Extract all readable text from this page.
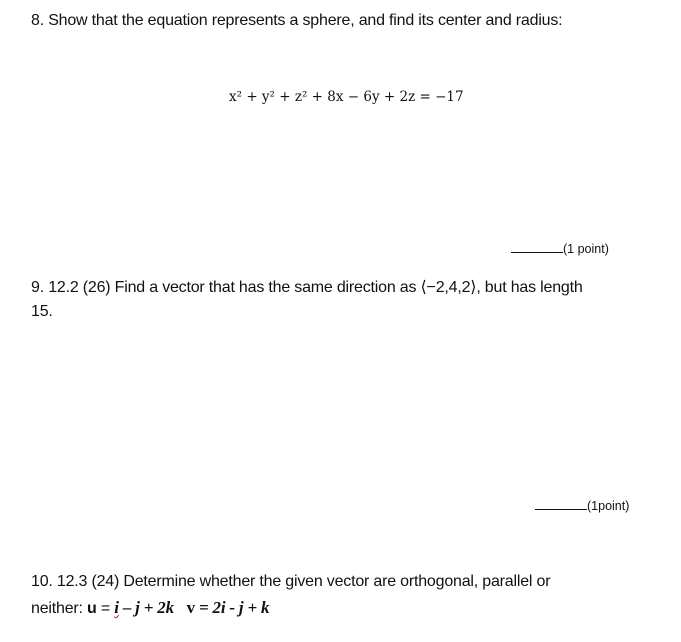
8. Show that the equation represents a sphere, and find its center and radius:
x² + y² + z² + 8x − 6y + 2z = −17
(1 point)
9. 12.2 (26) Find a vector that has the same direction as ⟨−2,4,2⟩, but has length
15.
(1point)
10. 12.3 (24) Determine whether the given vector are orthogonal, parallel or
neither: u = i – j + 2k v = 2i - j + k
